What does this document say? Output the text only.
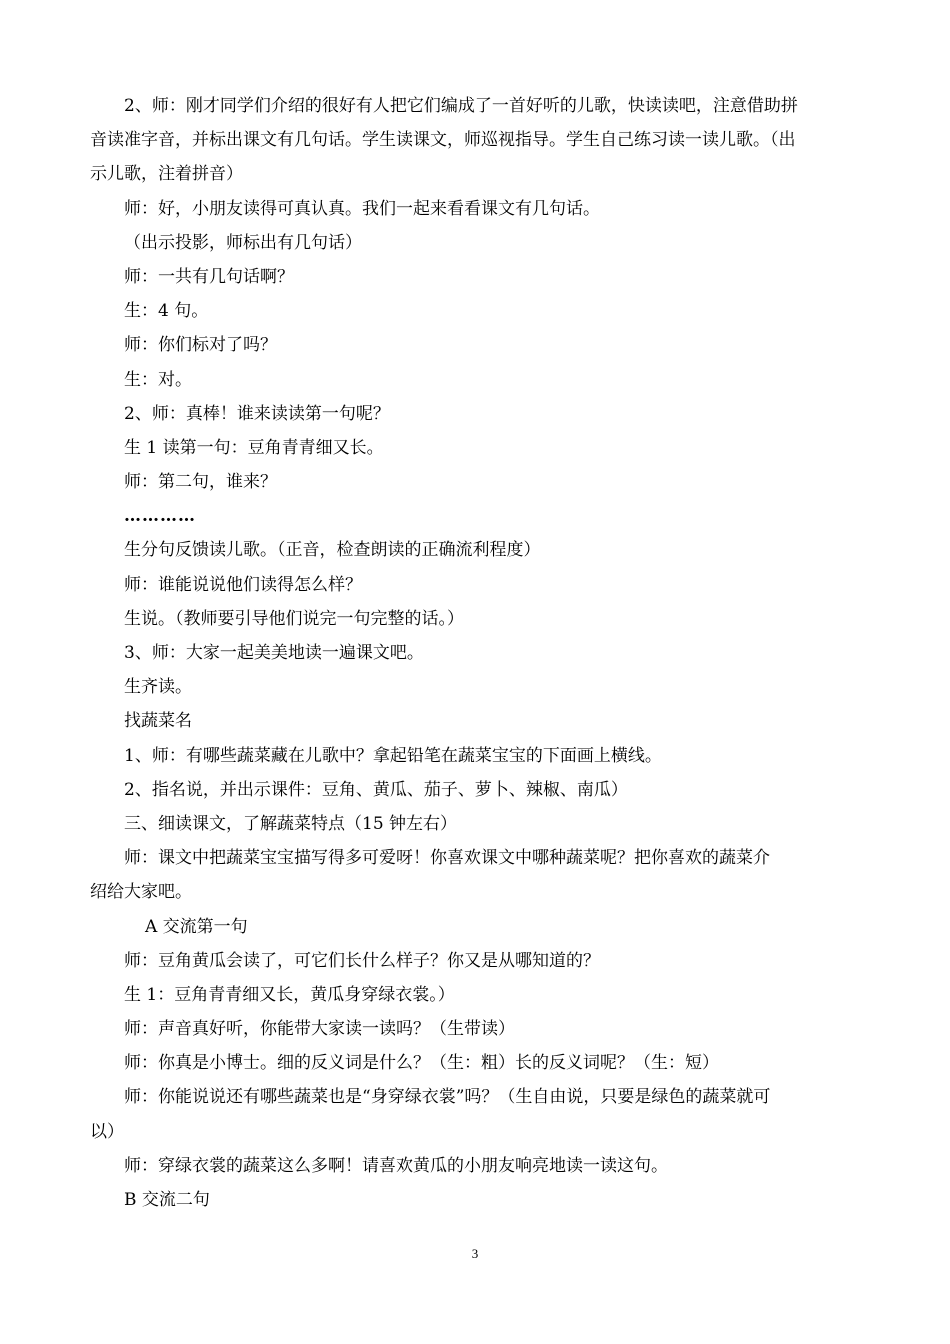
2、师：刚才同学们介绍的很好有人把它们编成了一首好听的儿歌，快读读吧，注意借助拼
音读准字音，并标出课文有几句话。学生读课文，师巡视指导。学生自己练习读一读儿歌。（出
示儿歌，注着拼音）
师：好，小朋友读得可真认真。我们一起来看看课文有几句话。
（出示投影，师标出有几句话）
师：一共有几句话啊？
生：4 句。
师：你们标对了吗？
生：对。
2、师：真棒！谁来读读第一句呢？
生 1 读第一句：豆角青青细又长。
师：第二句，谁来？
…………
生分句反馈读儿歌。（正音，检查朗读的正确流利程度）
师：谁能说说他们读得怎么样？
生说。（教师要引导他们说完一句完整的话。）
3、师：大家一起美美地读一遍课文吧。
生齐读。
找蔬菜名
1、师：有哪些蔬菜藏在儿歌中？拿起铅笔在蔬菜宝宝的下面画上横线。
2、指名说，并出示课件：豆角、黄瓜、茄子、萝卜、辣椒、南瓜）
三、细读课文，了解蔬菜特点（15 钟左右）
师：课文中把蔬菜宝宝描写得多可爱呀！你喜欢课文中哪种蔬菜呢？把你喜欢的蔬菜介
绍给大家吧。
A 交流第一句
师：豆角黄瓜会读了，可它们长什么样子？你又是从哪知道的？
生 1：豆角青青细又长，黄瓜身穿绿衣裳。）
师：声音真好听，你能带大家读一读吗？（生带读）
师：你真是小博士。细的反义词是什么？（生：粗）长的反义词呢？（生：短）
师：你能说说还有哪些蔬菜也是“身穿绿衣裳”吗？（生自由说，只要是绿色的蔬菜就可
以）
师：穿绿衣裳的蔬菜这么多啊！请喜欢黄瓜的小朋友响亮地读一读这句。
B 交流二句
3
